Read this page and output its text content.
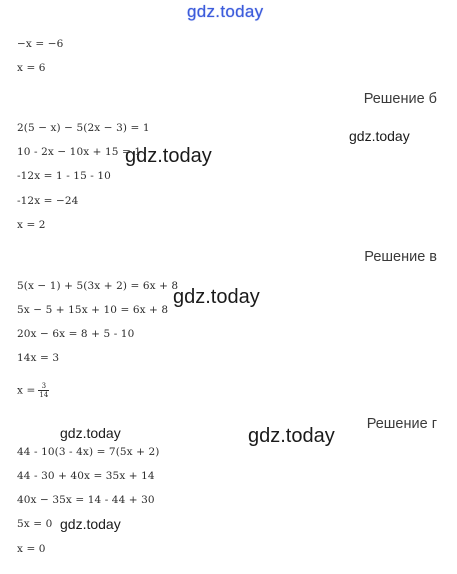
gdz.today
gdz.today
gdz.today
gdz.today
gdz.today	gdz.today
gdz.today
−x = −6
x = 6
Решение б
2(5 − x) − 5(2x − 3) = 1
10 - 2x − 10x + 15 = 1
-12x = 1 - 15 - 10
-12x = −24
x = 2
Решение в
5(x − 1) + 5(3x + 2) = 6x + 8
5x − 5 + 15x + 10 = 6x + 8
20x − 6x = 8 + 5 - 10
14x = 3
$x = \frac{3}{14}$
Решение г
44 - 10(3 - 4x) = 7(5x + 2)
44 - 30 + 40x = 35x + 14
40x − 35x = 14 - 44 + 30
5x = 0
x = 0
